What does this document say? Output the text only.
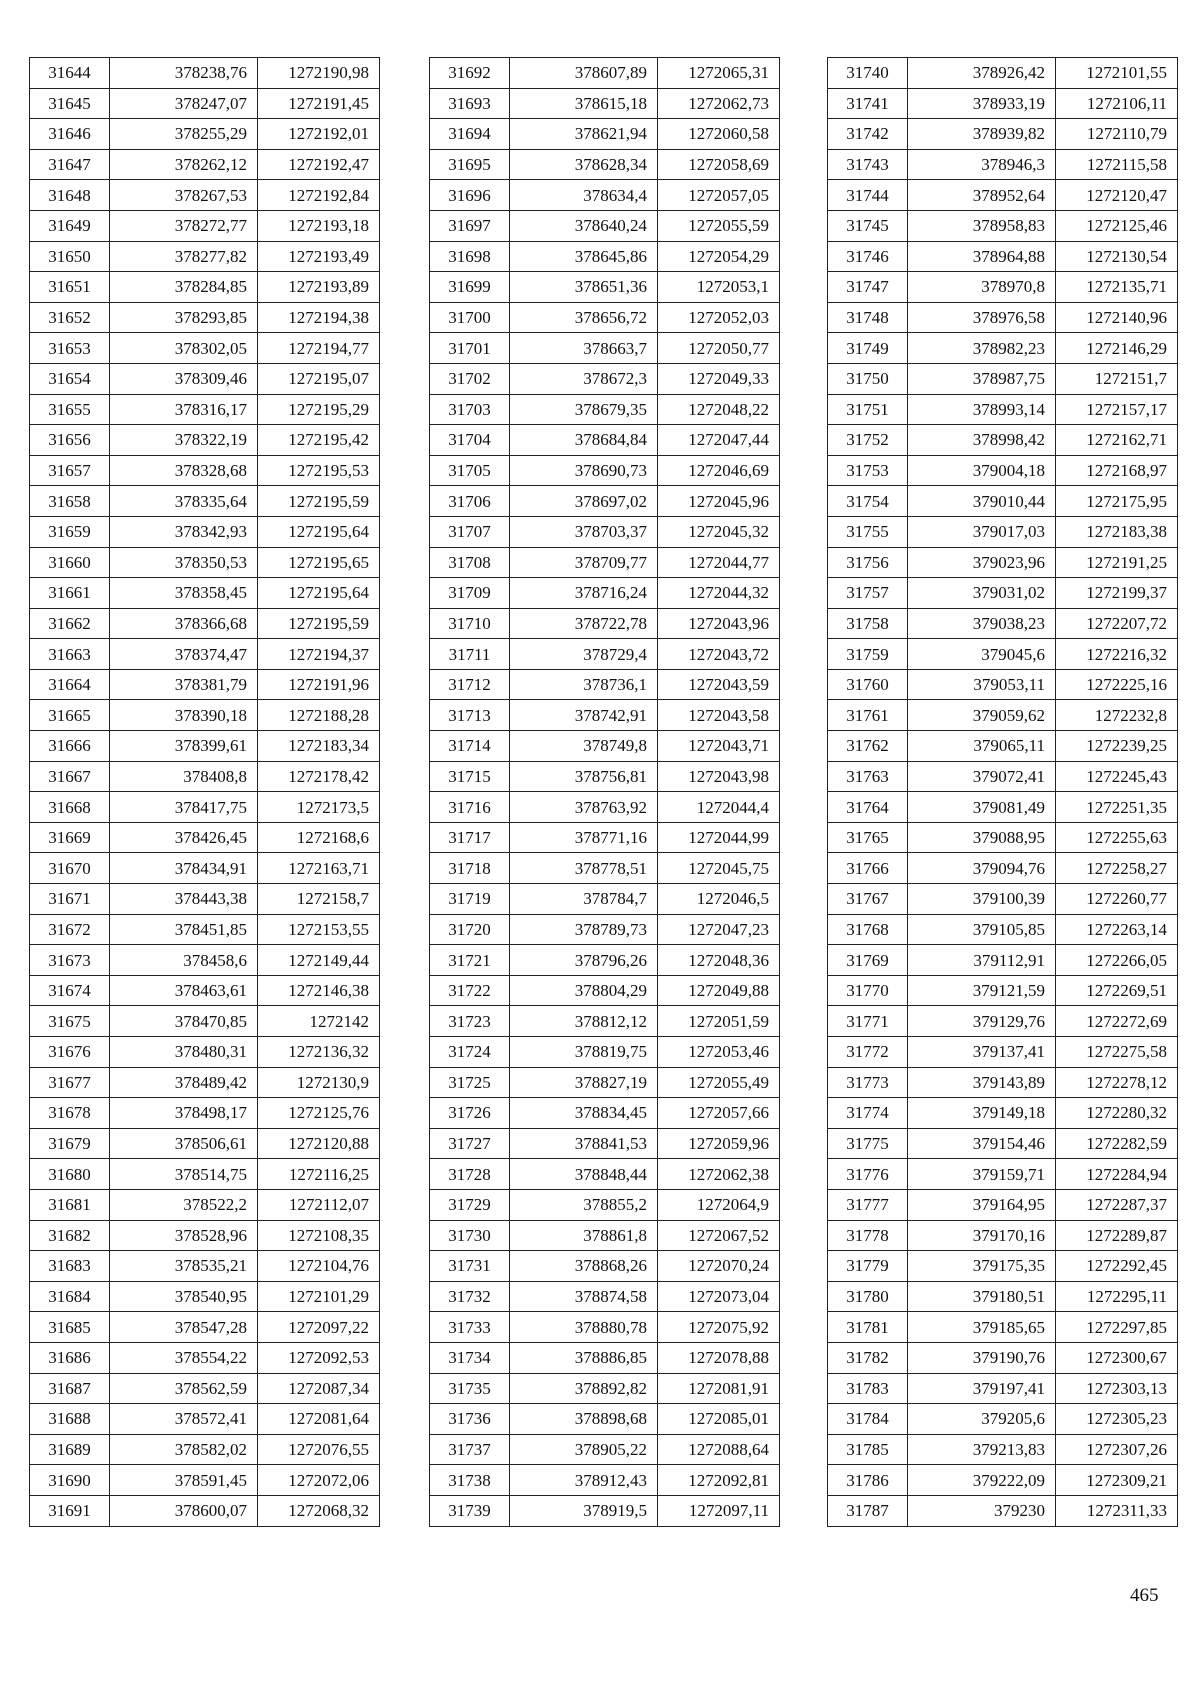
31644	378238,76	1272190,98
31645	378247,07	1272191,45
31646	378255,29	1272192,01
31647	378262,12	1272192,47
31648	378267,53	1272192,84
31649	378272,77	1272193,18
31650	378277,82	1272193,49
31651	378284,85	1272193,89
31652	378293,85	1272194,38
31653	378302,05	1272194,77
31654	378309,46	1272195,07
31655	378316,17	1272195,29
31656	378322,19	1272195,42
31657	378328,68	1272195,53
31658	378335,64	1272195,59
31659	378342,93	1272195,64
31660	378350,53	1272195,65
31661	378358,45	1272195,64
31662	378366,68	1272195,59
31663	378374,47	1272194,37
31664	378381,79	1272191,96
31665	378390,18	1272188,28
31666	378399,61	1272183,34
31667	378408,8	1272178,42
31668	378417,75	1272173,5
31669	378426,45	1272168,6
31670	378434,91	1272163,71
31671	378443,38	1272158,7
31672	378451,85	1272153,55
31673	378458,6	1272149,44
31674	378463,61	1272146,38
31675	378470,85	1272142
31676	378480,31	1272136,32
31677	378489,42	1272130,9
31678	378498,17	1272125,76
31679	378506,61	1272120,88
31680	378514,75	1272116,25
31681	378522,2	1272112,07
31682	378528,96	1272108,35
31683	378535,21	1272104,76
31684	378540,95	1272101,29
31685	378547,28	1272097,22
31686	378554,22	1272092,53
31687	378562,59	1272087,34
31688	378572,41	1272081,64
31689	378582,02	1272076,55
31690	378591,45	1272072,06
31691	378600,07	1272068,32
31692	378607,89	1272065,31
31693	378615,18	1272062,73
31694	378621,94	1272060,58
31695	378628,34	1272058,69
31696	378634,4	1272057,05
31697	378640,24	1272055,59
31698	378645,86	1272054,29
31699	378651,36	1272053,1
31700	378656,72	1272052,03
31701	378663,7	1272050,77
31702	378672,3	1272049,33
31703	378679,35	1272048,22
31704	378684,84	1272047,44
31705	378690,73	1272046,69
31706	378697,02	1272045,96
31707	378703,37	1272045,32
31708	378709,77	1272044,77
31709	378716,24	1272044,32
31710	378722,78	1272043,96
31711	378729,4	1272043,72
31712	378736,1	1272043,59
31713	378742,91	1272043,58
31714	378749,8	1272043,71
31715	378756,81	1272043,98
31716	378763,92	1272044,4
31717	378771,16	1272044,99
31718	378778,51	1272045,75
31719	378784,7	1272046,5
31720	378789,73	1272047,23
31721	378796,26	1272048,36
31722	378804,29	1272049,88
31723	378812,12	1272051,59
31724	378819,75	1272053,46
31725	378827,19	1272055,49
31726	378834,45	1272057,66
31727	378841,53	1272059,96
31728	378848,44	1272062,38
31729	378855,2	1272064,9
31730	378861,8	1272067,52
31731	378868,26	1272070,24
31732	378874,58	1272073,04
31733	378880,78	1272075,92
31734	378886,85	1272078,88
31735	378892,82	1272081,91
31736	378898,68	1272085,01
31737	378905,22	1272088,64
31738	378912,43	1272092,81
31739	378919,5	1272097,11
31740	378926,42	1272101,55
31741	378933,19	1272106,11
31742	378939,82	1272110,79
31743	378946,3	1272115,58
31744	378952,64	1272120,47
31745	378958,83	1272125,46
31746	378964,88	1272130,54
31747	378970,8	1272135,71
31748	378976,58	1272140,96
31749	378982,23	1272146,29
31750	378987,75	1272151,7
31751	378993,14	1272157,17
31752	378998,42	1272162,71
31753	379004,18	1272168,97
31754	379010,44	1272175,95
31755	379017,03	1272183,38
31756	379023,96	1272191,25
31757	379031,02	1272199,37
31758	379038,23	1272207,72
31759	379045,6	1272216,32
31760	379053,11	1272225,16
31761	379059,62	1272232,8
31762	379065,11	1272239,25
31763	379072,41	1272245,43
31764	379081,49	1272251,35
31765	379088,95	1272255,63
31766	379094,76	1272258,27
31767	379100,39	1272260,77
31768	379105,85	1272263,14
31769	379112,91	1272266,05
31770	379121,59	1272269,51
31771	379129,76	1272272,69
31772	379137,41	1272275,58
31773	379143,89	1272278,12
31774	379149,18	1272280,32
31775	379154,46	1272282,59
31776	379159,71	1272284,94
31777	379164,95	1272287,37
31778	379170,16	1272289,87
31779	379175,35	1272292,45
31780	379180,51	1272295,11
31781	379185,65	1272297,85
31782	379190,76	1272300,67
31783	379197,41	1272303,13
31784	379205,6	1272305,23
31785	379213,83	1272307,26
31786	379222,09	1272309,21
31787	379230	1272311,33
465
